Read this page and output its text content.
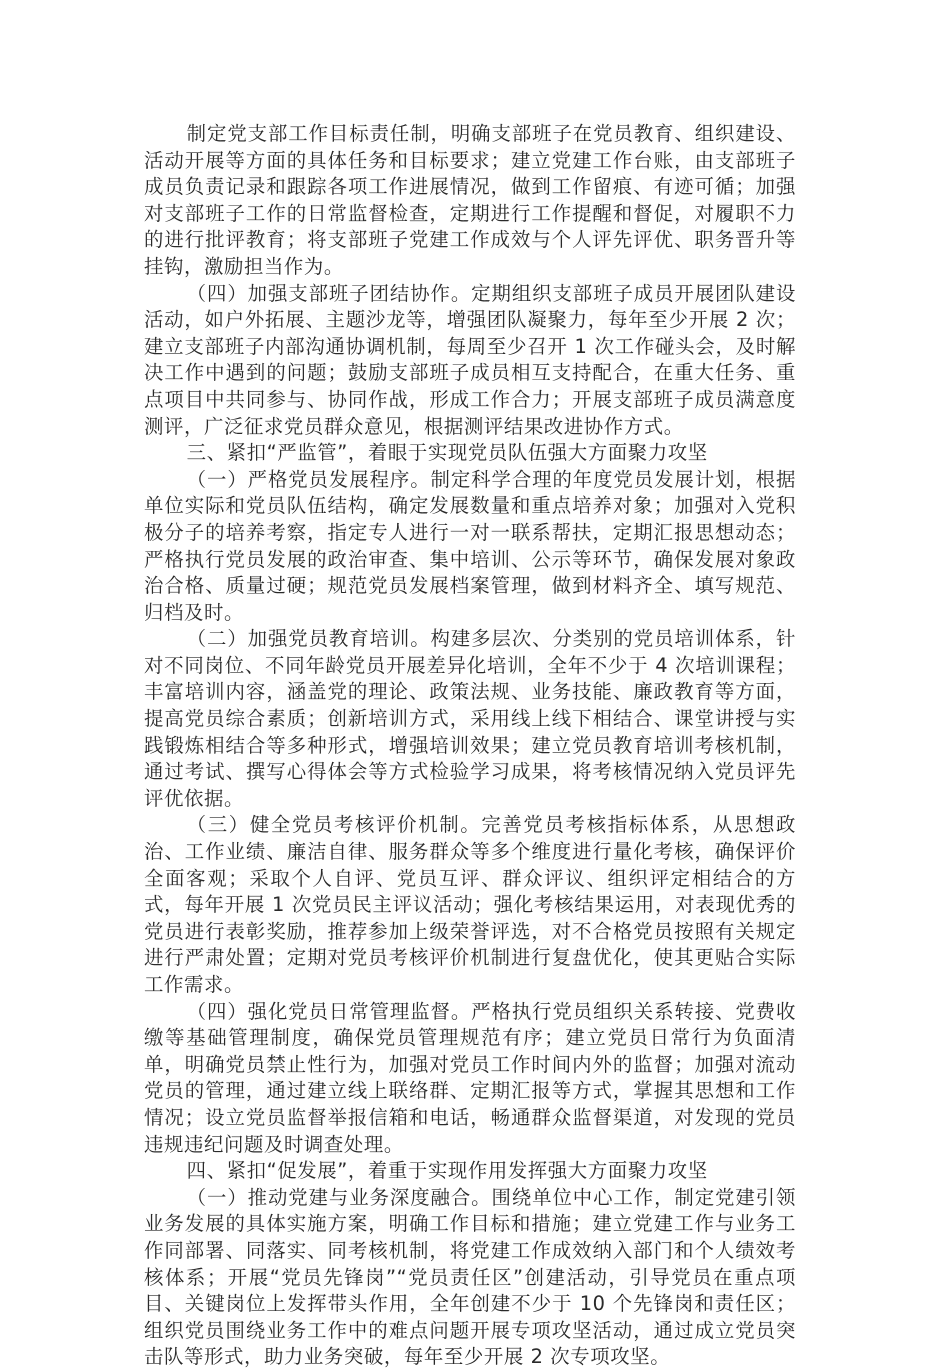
制定党支部工作目标责任制，明确支部班子在党员教育、组织建设、活动开展等方面的具体任务和目标要求；建立党建工作台账，由支部班子成员负责记录和跟踪各项工作进展情况，做到工作留痕、有迹可循；加强对支部班子工作的日常监督检查，定期进行工作提醒和督促，对履职不力的进行批评教育；将支部班子党建工作成效与个人评先评优、职务晋升等挂钩，激励担当作为。

（四）加强支部班子团结协作。定期组织支部班子成员开展团队建设活动，如户外拓展、主题沙龙等，增强团队凝聚力，每年至少开展 2 次；建立支部班子内部沟通协调机制，每周至少召开 1 次工作碰头会，及时解决工作中遇到的问题；鼓励支部班子成员相互支持配合，在重大任务、重点项目中共同参与、协同作战，形成工作合力；开展支部班子成员满意度测评，广泛征求党员群众意见，根据测评结果改进协作方式。

三、紧扣“严监管”，着眼于实现党员队伍强大方面聚力攻坚

（一）严格党员发展程序。制定科学合理的年度党员发展计划，根据单位实际和党员队伍结构，确定发展数量和重点培养对象；加强对入党积极分子的培养考察，指定专人进行一对一联系帮扶，定期汇报思想动态；严格执行党员发展的政治审查、集中培训、公示等环节，确保发展对象政治合格、质量过硬；规范党员发展档案管理，做到材料齐全、填写规范、归档及时。

（二）加强党员教育培训。构建多层次、分类别的党员培训体系，针对不同岗位、不同年龄党员开展差异化培训，全年不少于 4 次培训课程；丰富培训内容，涵盖党的理论、政策法规、业务技能、廉政教育等方面，提高党员综合素质；创新培训方式，采用线上线下相结合、课堂讲授与实践锻炼相结合等多种形式，增强培训效果；建立党员教育培训考核机制，通过考试、撰写心得体会等方式检验学习成果，将考核情况纳入党员评先评优依据。

（三）健全党员考核评价机制。完善党员考核指标体系，从思想政治、工作业绩、廉洁自律、服务群众等多个维度进行量化考核，确保评价全面客观；采取个人自评、党员互评、群众评议、组织评定相结合的方式，每年开展 1 次党员民主评议活动；强化考核结果运用，对表现优秀的党员进行表彰奖励，推荐参加上级荣誉评选，对不合格党员按照有关规定进行严肃处置；定期对党员考核评价机制进行复盘优化，使其更贴合实际工作需求。

（四）强化党员日常管理监督。严格执行党员组织关系转接、党费收缴等基础管理制度，确保党员管理规范有序；建立党员日常行为负面清单，明确党员禁止性行为，加强对党员工作时间内外的监督；加强对流动党员的管理，通过建立线上联络群、定期汇报等方式，掌握其思想和工作情况；设立党员监督举报信箱和电话，畅通群众监督渠道，对发现的党员违规违纪问题及时调查处理。

四、紧扣“促发展”，着重于实现作用发挥强大方面聚力攻坚

（一）推动党建与业务深度融合。围绕单位中心工作，制定党建引领业务发展的具体实施方案，明确工作目标和措施；建立党建工作与业务工作同部署、同落实、同考核机制，将党建工作成效纳入部门和个人绩效考核体系；开展“党员先锋岗”“党员责任区”创建活动，引导党员在重点项目、关键岗位上发挥带头作用，全年创建不少于 10 个先锋岗和责任区；组织党员围绕业务工作中的难点问题开展专项攻坚活动，通过成立党员突击队等形式，助力业务突破，每年至少开展 2 次专项攻坚。
